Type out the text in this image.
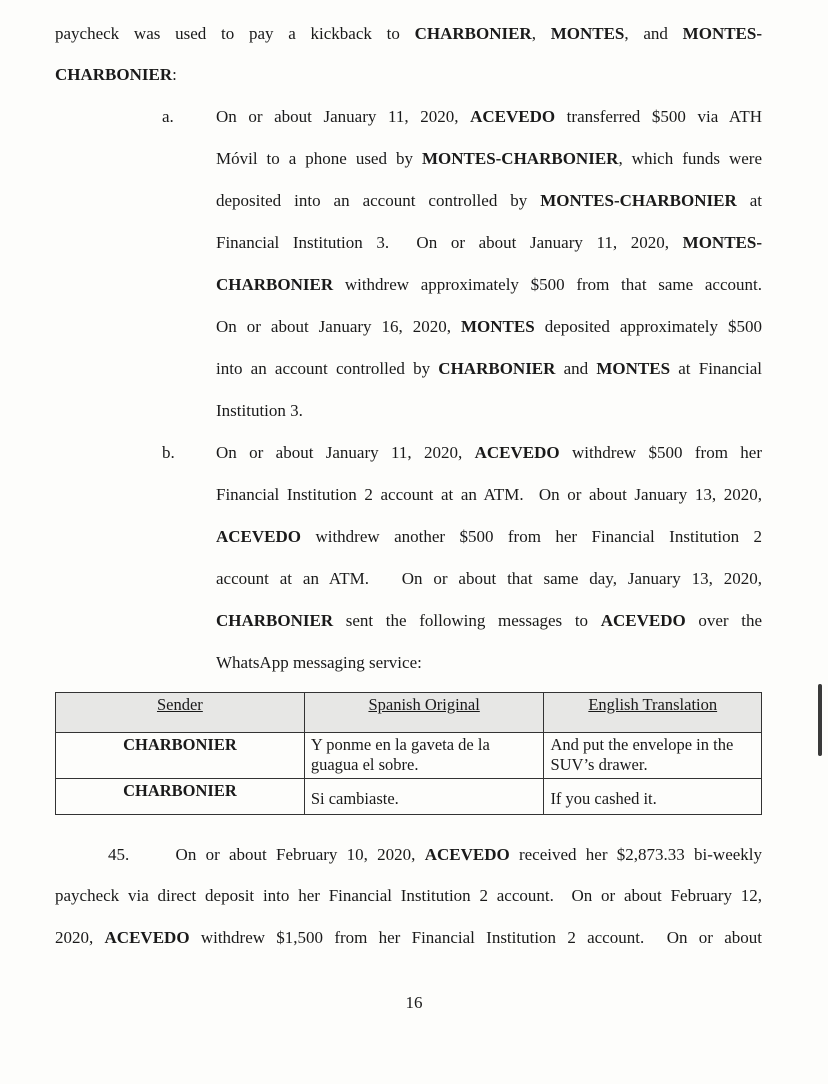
paycheck was used to pay a kickback to CHARBONIER, MONTES, and MONTES-
CHARBONIER:
a. On or about January 11, 2020, ACEVEDO transferred $500 via ATH
Móvil to a phone used by MONTES-CHARBONIER, which funds were
deposited into an account controlled by MONTES-CHARBONIER at
Financial Institution 3.  On or about January 11, 2020, MONTES-
CHARBONIER withdrew approximately $500 from that same account.
On or about January 16, 2020, MONTES deposited approximately $500
into an account controlled by CHARBONIER and MONTES at Financial
Institution 3.
b. On or about January 11, 2020, ACEVEDO withdrew $500 from her
Financial Institution 2 account at an ATM.  On or about January 13, 2020,
ACEVEDO withdrew another $500 from her Financial Institution 2
account at an ATM.   On or about that same day, January 13, 2020,
CHARBONIER sent the following messages to ACEVEDO over the
WhatsApp messaging service:
Sender	Spanish Original	English Translation
CHARBONIER	Y ponme en la gaveta de la guagua el sobre.	And put the envelope in the SUV’s drawer.
CHARBONIER	Si cambiaste.	If you cashed it.
45.     On or about February 10, 2020, ACEVEDO received her $2,873.33 bi-weekly
paycheck via direct deposit into her Financial Institution 2 account.  On or about February 12,
2020, ACEVEDO withdrew $1,500 from her Financial Institution 2 account.  On or about
16
